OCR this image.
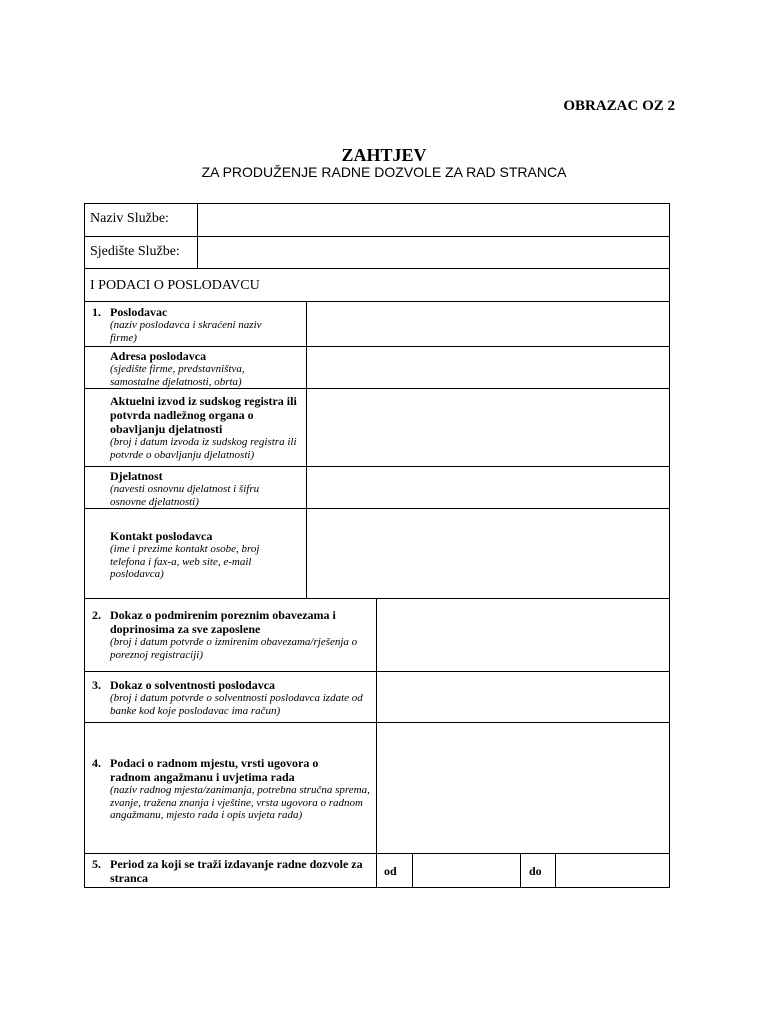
OBRAZAC OZ 2
ZAHTJEV
ZA PRODUŽENJE RADNE DOZVOLE ZA RAD STRANCA
Naziv Službe:
Sjedište Službe:
I PODACI O POSLODAVCU
1. Poslodavac
(naziv poslodavca i skraćeni naziv firme)
Adresa poslodavca
(sjedište firme, predstavništva, samostalne djelatnosti, obrta)
Aktuelni izvod iz sudskog registra ili potvrda nadležnog organa o obavljanju djelatnosti
(broj i datum izvoda iz sudskog registra ili potvrde o obavljanju djelatnosti)
Djelatnost
(navesti osnovnu djelatnost i šifru osnovne djelatnosti)
Kontakt poslodavca
(ime i prezime kontakt osobe, broj telefona i fax-a, web site, e-mail poslodavca)
2. Dokaz o podmirenim poreznim obavezama i doprinosima za sve zaposlene
(broj i datum potvrde o izmirenim obavezama/rješenja o poreznoj registraciji)
3. Dokaz o solventnosti poslodavca
(broj i datum potvrde o solventnosti poslodavca izdate od banke kod koje poslodavac ima račun)
4. Podaci o radnom mjestu, vrsti ugovora o radnom angažmanu i uvjetima rada
(naziv radnog mjesta/zanimanja, potrebna stručna sprema, zvanje, tražena znanja i vještine, vrsta ugovora o radnom angažmanu, mjesto rada i opis uvjeta rada)
5. Period za koji se traži izdavanje radne dozvole za stranca	od	do
